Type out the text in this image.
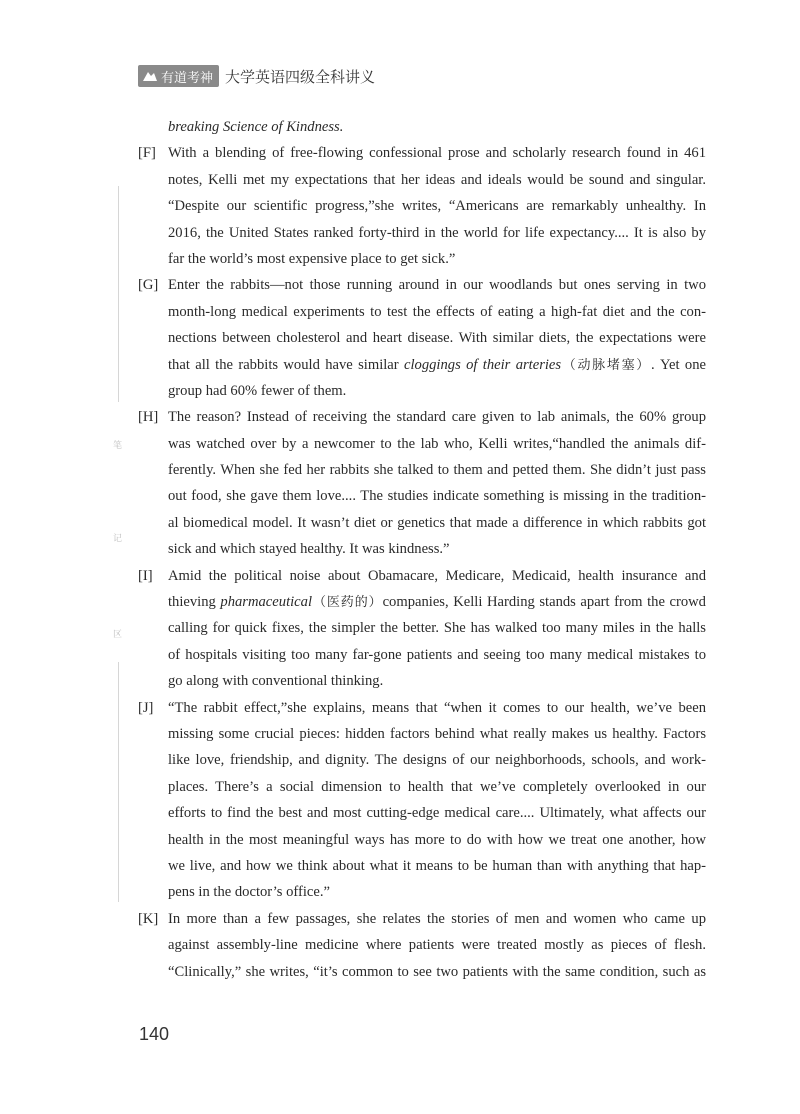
有道考神 大学英语四级全科讲义
笔
记
区
breaking Science of Kindness.
[F] With a blending of free-flowing confessional prose and scholarly research found in 461
notes, Kelli met my expectations that her ideas and ideals would be sound and singular.
“Despite our scientific progress,”she writes, “Americans are remarkably unhealthy. In
2016, the United States ranked forty-third in the world for life expectancy.... It is also by
far the world’s most expensive place to get sick.”
[G] Enter the rabbits—not those running around in our woodlands but ones serving in two
month-long medical experiments to test the effects of eating a high-fat diet and the con-
nections between cholesterol and heart disease. With similar diets, the expectations were
that all the rabbits would have similar cloggings of their arteries（动脉堵塞）. Yet one
group had 60% fewer of them.
[H] The reason? Instead of receiving the standard care given to lab animals, the 60% group
was watched over by a newcomer to the lab who, Kelli writes,“handled the animals dif-
ferently. When she fed her rabbits she talked to them and petted them. She didn’t just pass
out food, she gave them love.... The studies indicate something is missing in the tradition-
al biomedical model. It wasn’t diet or genetics that made a difference in which rabbits got
sick and which stayed healthy. It was kindness.”
[I] Amid the political noise about Obamacare, Medicare, Medicaid, health insurance and
thieving pharmaceutical（医药的）companies, Kelli Harding stands apart from the crowd
calling for quick fixes, the simpler the better. She has walked too many miles in the halls
of hospitals visiting too many far-gone patients and seeing too many medical mistakes to
go along with conventional thinking.
[J] “The rabbit effect,”she explains, means that “when it comes to our health, we’ve been
missing some crucial pieces: hidden factors behind what really makes us healthy. Factors
like love, friendship, and dignity. The designs of our neighborhoods, schools, and work-
places. There’s a social dimension to health that we’ve completely overlooked in our
efforts to find the best and most cutting-edge medical care.... Ultimately, what affects our
health in the most meaningful ways has more to do with how we treat one another, how
we live, and how we think about what it means to be human than with anything that hap-
pens in the doctor’s office.”
[K] In more than a few passages, she relates the stories of men and women who came up
against assembly-line medicine where patients were treated mostly as pieces of flesh.
“Clinically,” she writes, “it’s common to see two patients with the same condition, such as
140
